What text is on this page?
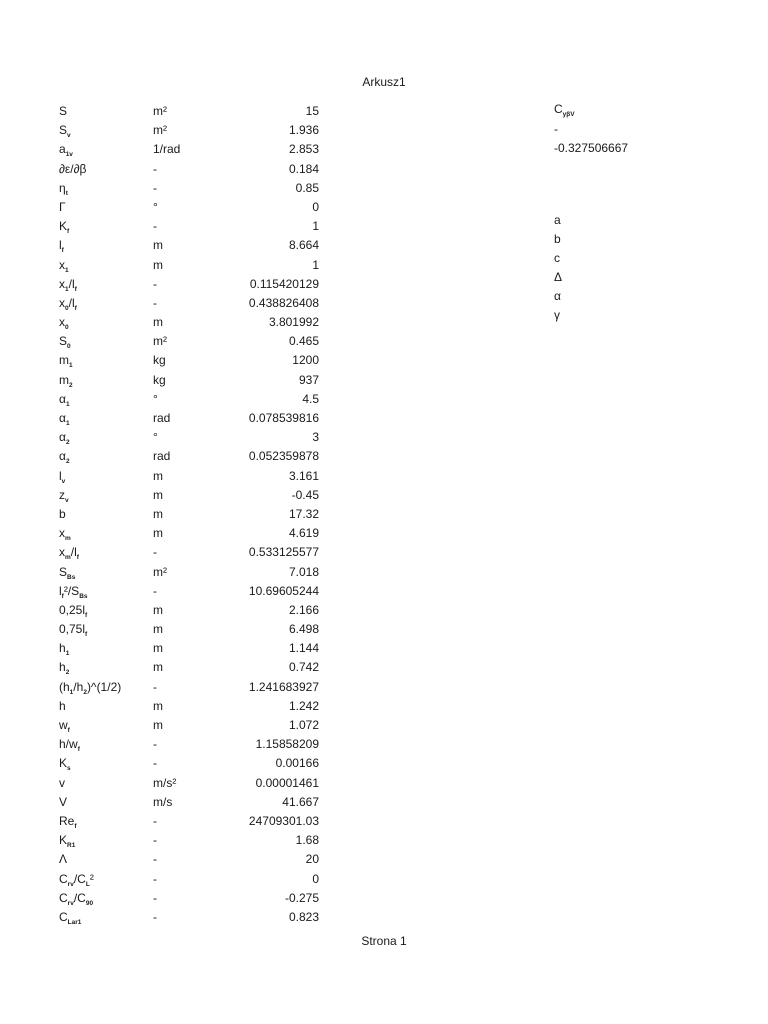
Arkusz1
S	m²	15
$S_v$	m²	1.936
$a_{1v}$	1/rad	2.853
∂ε/∂β	-	0.184
$\eta_t$	-	0.85
Γ	°	0
$K_f$	-	1
$l_f$	m	8.664
$x_1$	m	1
$x_1/l_f$	-	0.115420129
$x_0/l_f$	-	0.438826408
$x_0$	m	3.801992
$S_0$	m²	0.465
$m_1$	kg	1200
$m_2$	kg	937
$\alpha_1$	°	4.5
$\alpha_1$	rad	0.078539816
$\alpha_2$	°	3
$\alpha_2$	rad	0.052359878
$l_v$	m	3.161
$z_v$	m	-0.45
b	m	17.32
$x_m$	m	4.619
$x_m/l_f$	-	0.533125577
$S_{Bs}$	m²	7.018
$l_f^2/S_{Bs}$	-	10.69605244
$0,25l_f$	m	2.166
$0,75l_f$	m	6.498
$h_1$	m	1.144
$h_2$	m	0.742
$(h_1/h_2)\^{}(1/2)$	-	1.241683927
h	m	1.242
$w_f$	m	1.072
$h/w_f$	-	1.15858209
$K_s$	-	0.00166
v	m/s²	0.00001461
V	m/s	41.667
$Re_f$	-	24709301.03
$K_{R1}$	-	1.68
Λ	-	20
$C_{rv}/C_L^2$	-	0
$C_{rv}/C_{90}$	-	-0.275
$C_{Lar1}$	-	0.823
$C_{y\beta V}$
-
-0.327506667
a
b
c
Δ
α
γ
Strona 1
